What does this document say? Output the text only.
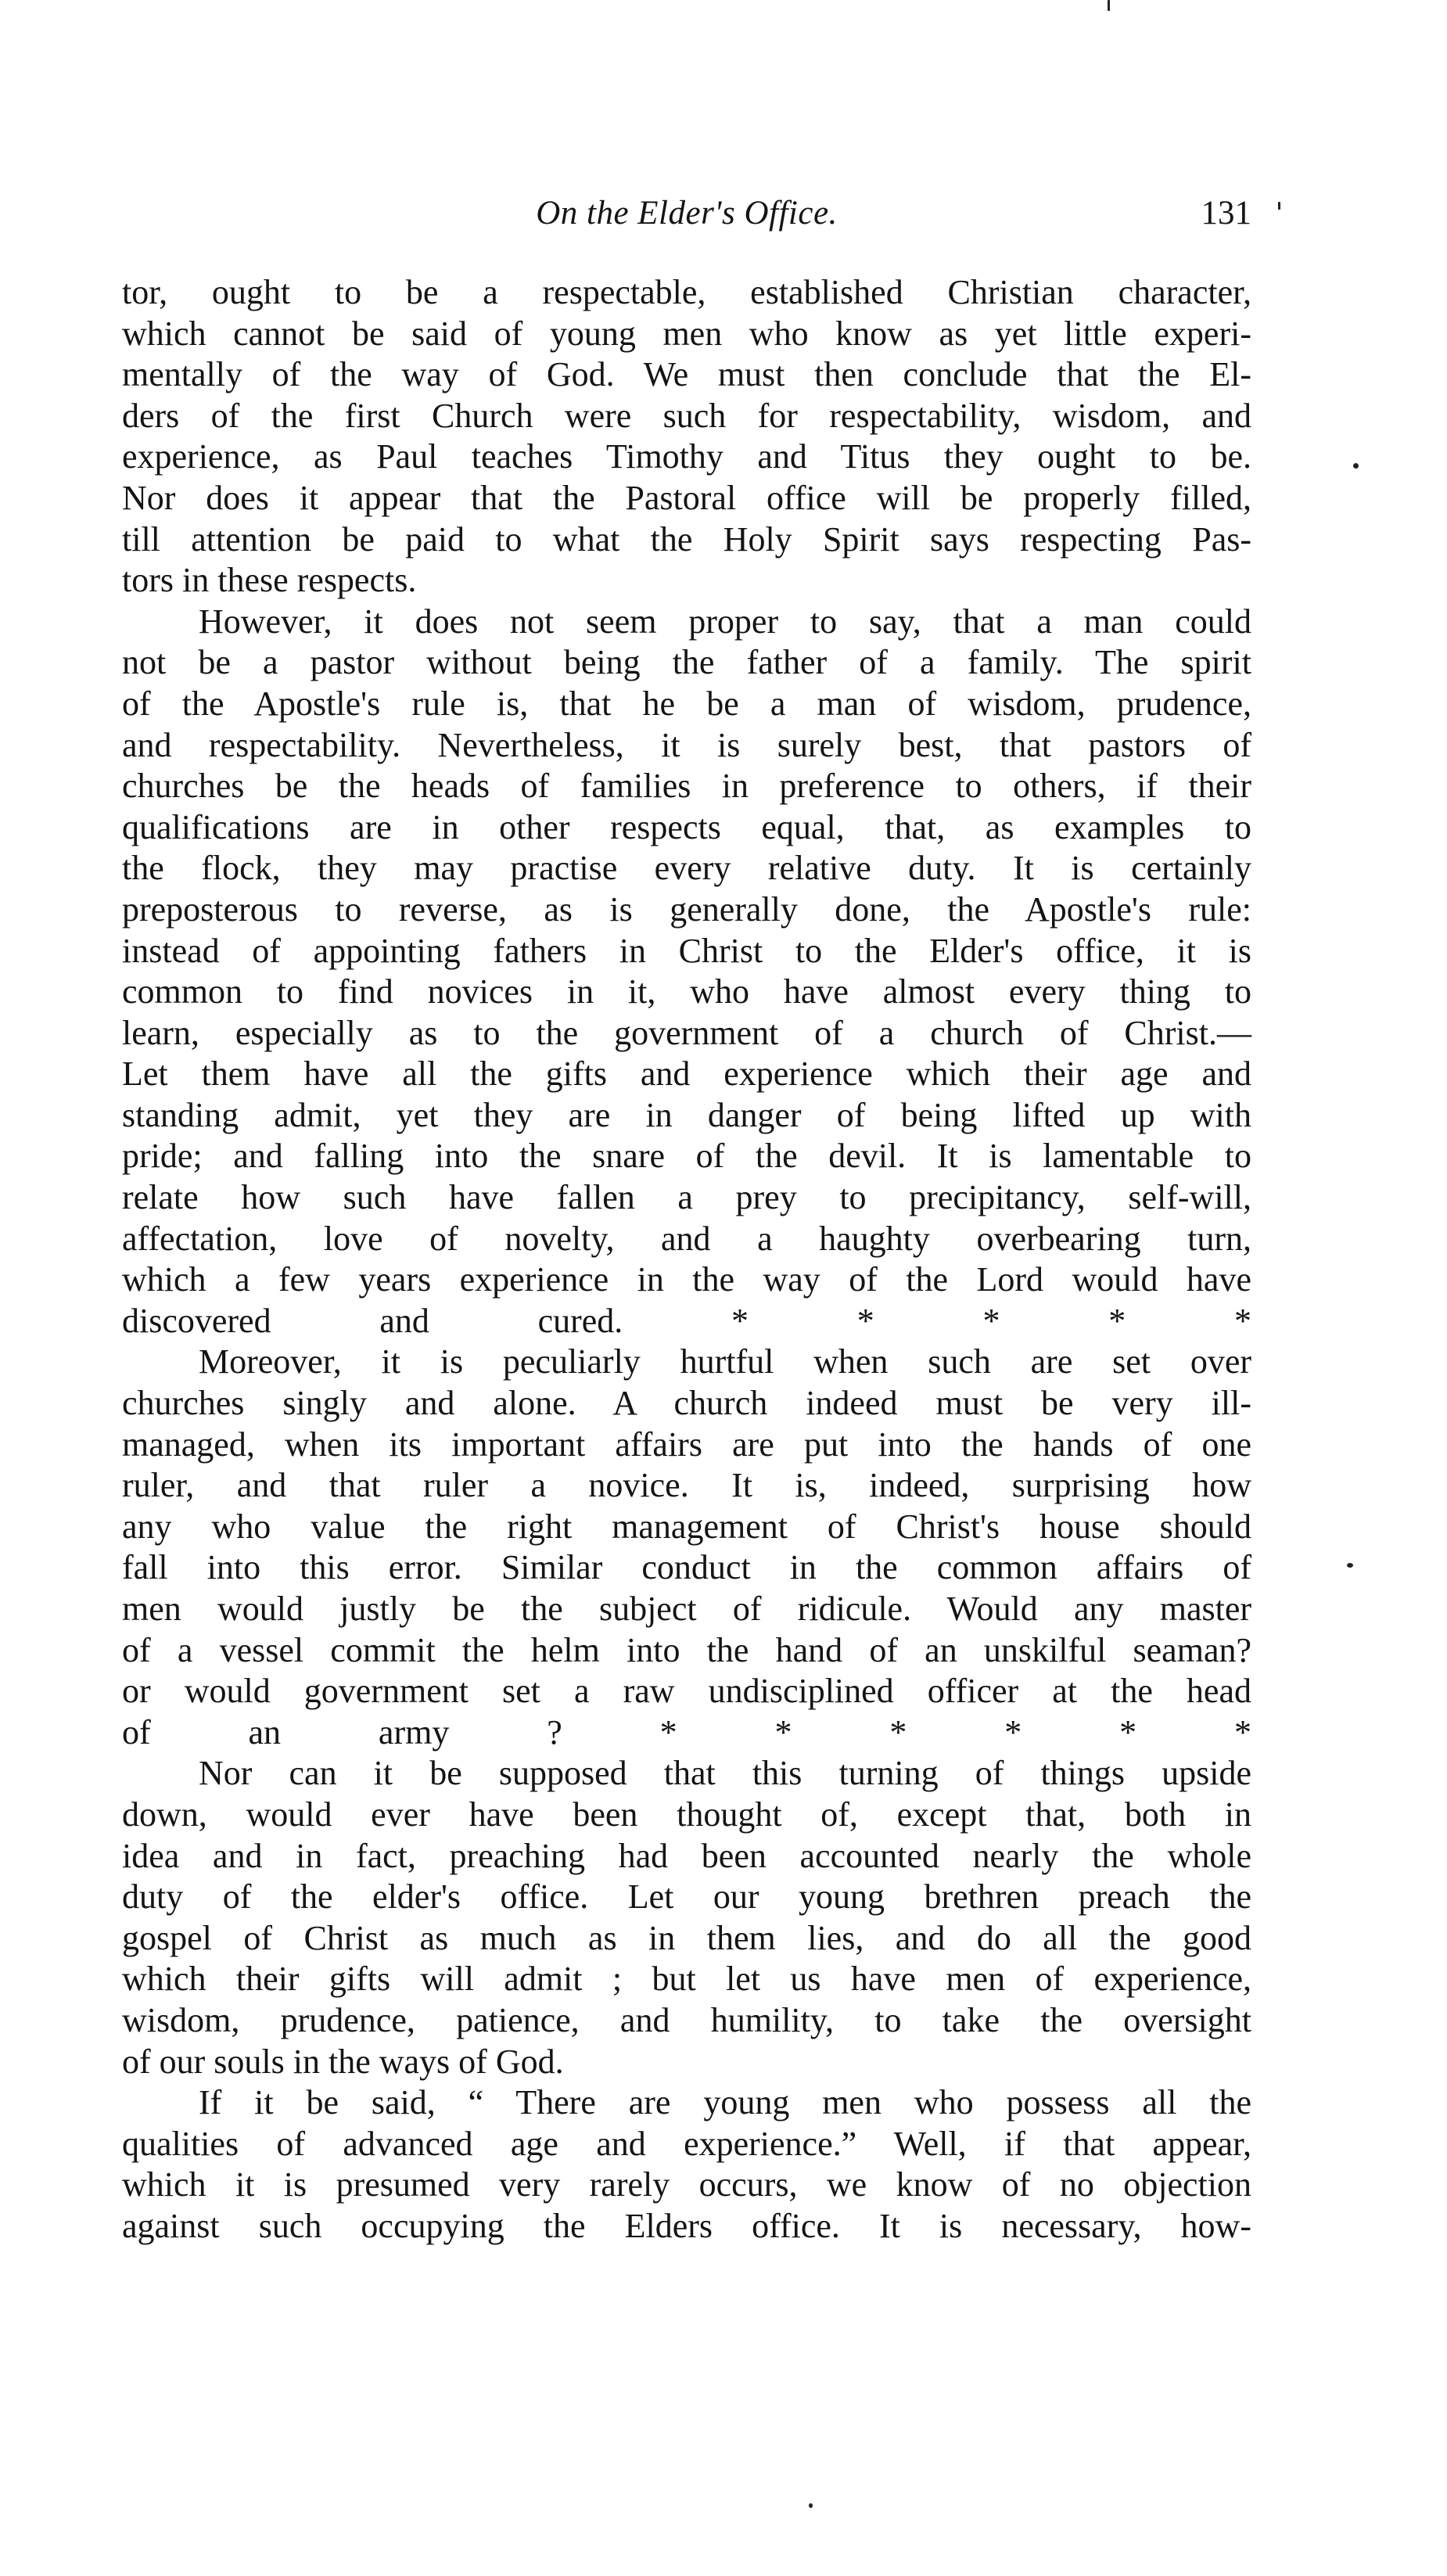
On the Elder's Office.	131
tor, ought to be a respectable, established Christian character,
which cannot be said of young men who know as yet little experi-
mentally of the way of God. We must then conclude that the El-
ders of the first Church were such for respectability, wisdom, and
experience, as Paul teaches Timothy and Titus they ought to be.
Nor does it appear that the Pastoral office will be properly filled,
till attention be paid to what the Holy Spirit says respecting Pas-
tors in these respects.
However, it does not seem proper to say, that a man could
not be a pastor without being the father of a family. The spirit
of the Apostle's rule is, that he be a man of wisdom, prudence,
and respectability. Nevertheless, it is surely best, that pastors of
churches be the heads of families in preference to others, if their
qualifications are in other respects equal, that, as examples to
the flock, they may practise every relative duty. It is certainly
preposterous to reverse, as is generally done, the Apostle's rule:
instead of appointing fathers in Christ to the Elder's office, it is
common to find novices in it, who have almost every thing to
learn, especially as to the government of a church of Christ.—
Let them have all the gifts and experience which their age and
standing admit, yet they are in danger of being lifted up with
pride; and falling into the snare of the devil. It is lamentable to
relate how such have fallen a prey to precipitancy, self-will,
affectation, love of novelty, and a haughty overbearing turn,
which a few years experience in the way of the Lord would have
discovered and cured. * * * * *
Moreover, it is peculiarly hurtful when such are set over
churches singly and alone. A church indeed must be very ill-
managed, when its important affairs are put into the hands of one
ruler, and that ruler a novice. It is, indeed, surprising how
any who value the right management of Christ's house should
fall into this error. Similar conduct in the common affairs of
men would justly be the subject of ridicule. Would any master
of a vessel commit the helm into the hand of an unskilful seaman?
or would government set a raw undisciplined officer at the head
of an army ? * * * * * *
Nor can it be supposed that this turning of things upside
down, would ever have been thought of, except that, both in
idea and in fact, preaching had been accounted nearly the whole
duty of the elder's office. Let our young brethren preach the
gospel of Christ as much as in them lies, and do all the good
which their gifts will admit ; but let us have men of experience,
wisdom, prudence, patience, and humility, to take the oversight
of our souls in the ways of God.
If it be said, “ There are young men who possess all the
qualities of advanced age and experience.” Well, if that appear,
which it is presumed very rarely occurs, we know of no objection
against such occupying the Elders office. It is necessary, how-
